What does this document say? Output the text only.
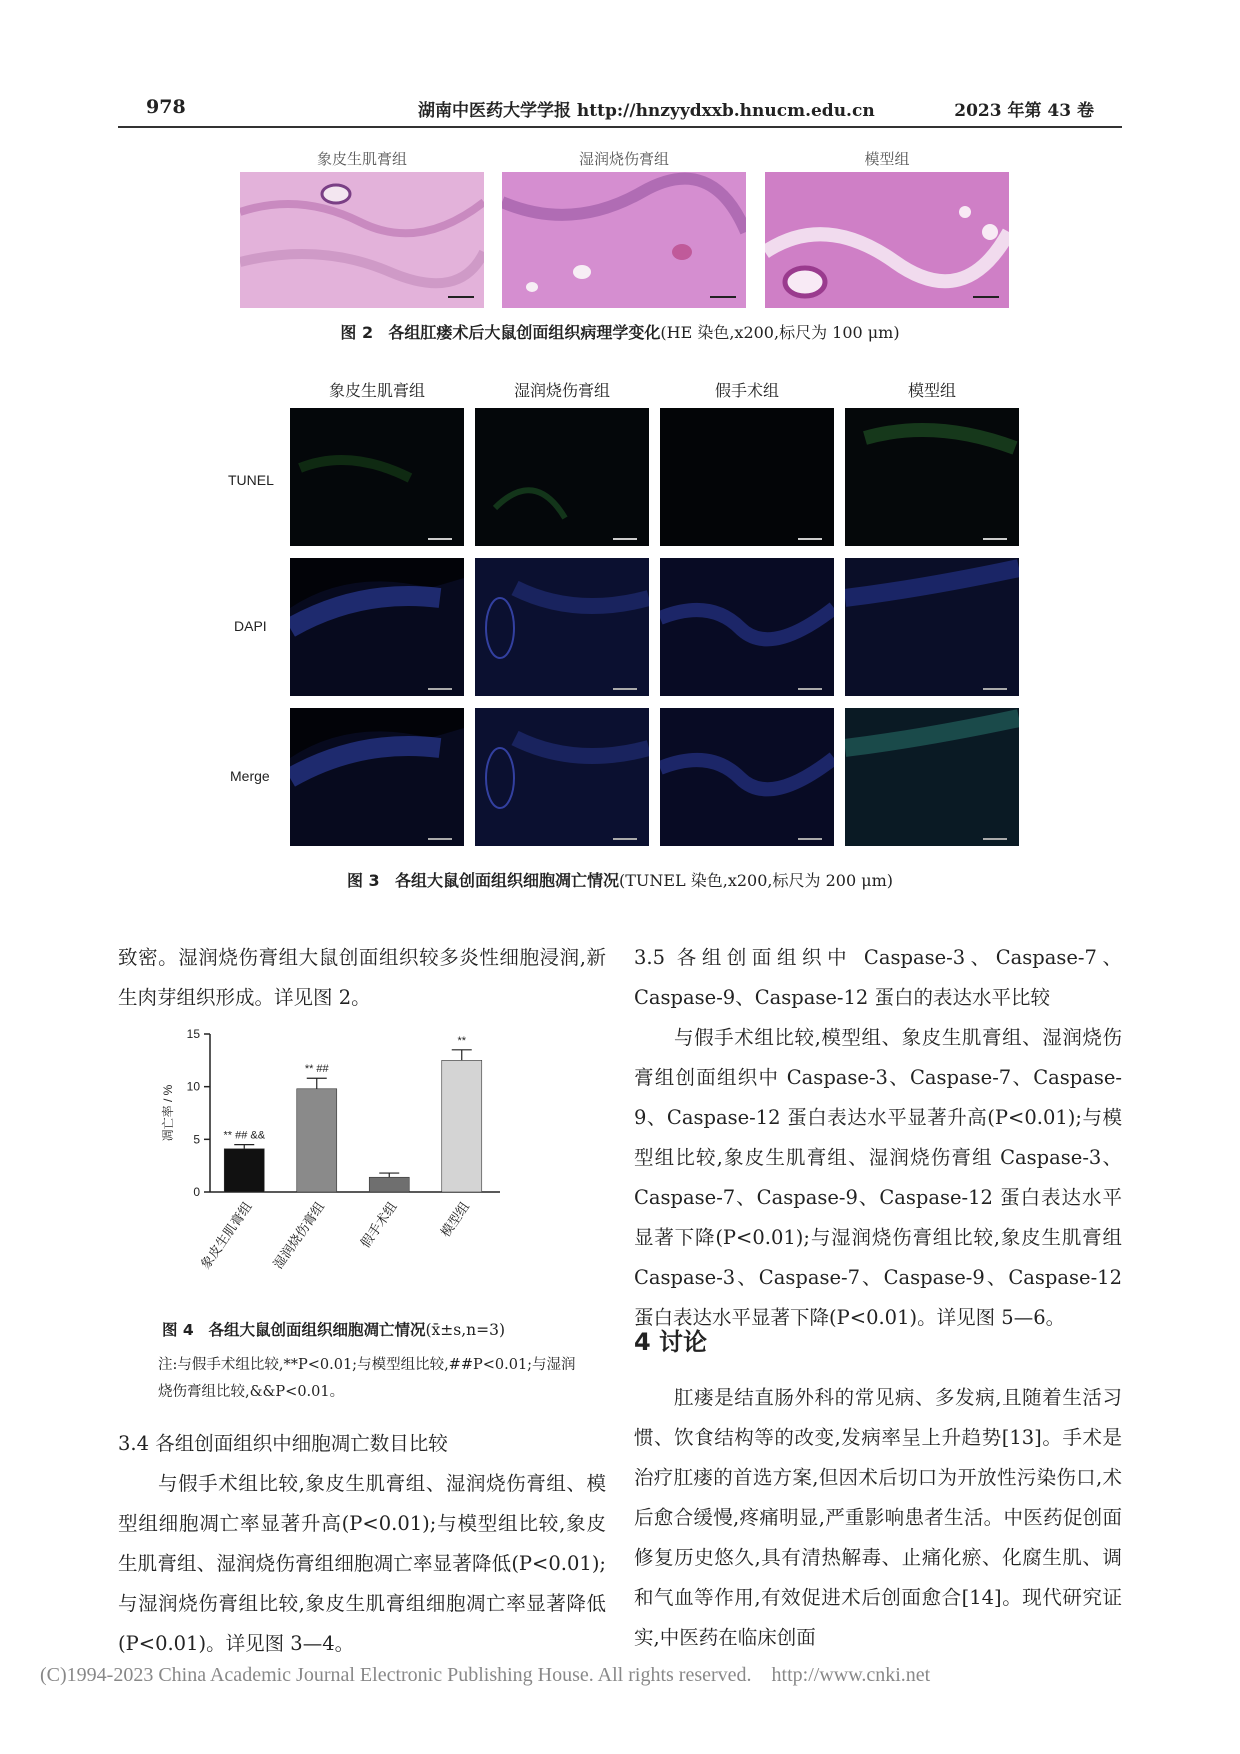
978	湖南中医药大学学报 http://hnzyydxxb.hnucm.edu.cn	2023 年第 43 卷
象皮生肌膏组	湿润烧伤膏组	模型组
图 2 各组肛瘘术后大鼠创面组织病理学变化(HE 染色,x200,标尺为 100 μm)
象皮生肌膏组	湿润烧伤膏组	假手术组	模型组
TUNEL
DAPI
Merge
图 3 各组大鼠创面组织细胞凋亡情况(TUNEL 染色,x200,标尺为 200 μm)
致密。湿润烧伤膏组大鼠创面组织较多炎性细胞浸润,新生肉芽组织形成。详见图 2。
0
5
10
15
凋亡率 / %	** ## &&
象皮生肌膏组
** ##
湿润烧伤膏组 假手术组
**
模型组
图 4 各组大鼠创面组织细胞凋亡情况(x̄±s,n=3)
注:与假手术组比较,**P<0.01;与模型组比较,##P<0.01;与湿润烧伤膏组比较,&&P<0.01。
3.4 各组创面组织中细胞凋亡数目比较
与假手术组比较,象皮生肌膏组、湿润烧伤膏组、模型组细胞凋亡率显著升高(P<0.01);与模型组比较,象皮生肌膏组、湿润烧伤膏组细胞凋亡率显著降低(P<0.01);与湿润烧伤膏组比较,象皮生肌膏组细胞凋亡率显著降低(P<0.01)。详见图 3—4。
3.5 各组创面组织中 Caspase-3、Caspase-7、Caspase-9、Caspase-12 蛋白的表达水平比较
与假手术组比较,模型组、象皮生肌膏组、湿润烧伤膏组创面组织中 Caspase-3、Caspase-7、Caspase-9、Caspase-12 蛋白表达水平显著升高(P<0.01);与模型组比较,象皮生肌膏组、湿润烧伤膏组 Caspase-3、Caspase-7、Caspase-9、Caspase-12 蛋白表达水平显著下降(P<0.01);与湿润烧伤膏组比较,象皮生肌膏组 Caspase-3、Caspase-7、Caspase-9、Caspase-12 蛋白表达水平显著下降(P<0.01)。详见图 5—6。
4 讨论
肛瘘是结直肠外科的常见病、多发病,且随着生活习惯、饮食结构等的改变,发病率呈上升趋势[13]。手术是治疗肛瘘的首选方案,但因术后切口为开放性污染伤口,术后愈合缓慢,疼痛明显,严重影响患者生活。中医药促创面修复历史悠久,具有清热解毒、止痛化瘀、化腐生肌、调和气血等作用,有效促进术后创面愈合[14]。现代研究证实,中医药在临床创面
(C)1994-2023 China Academic Journal Electronic Publishing House. All rights reserved.    http://www.cnki.net
